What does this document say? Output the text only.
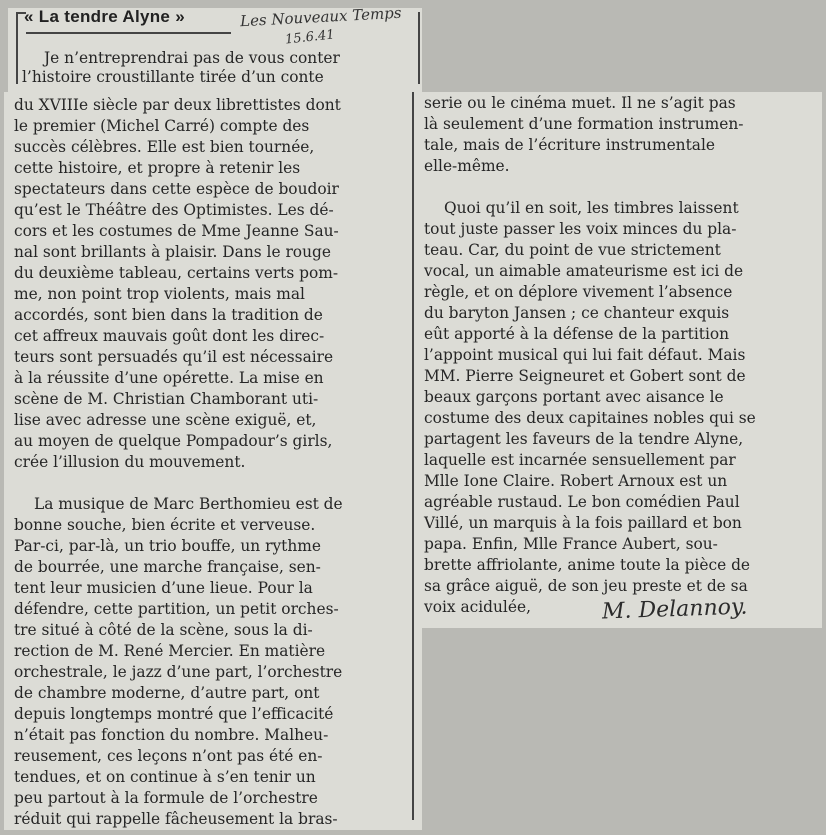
« La tendre Alyne »	Les Nouveaux Temps
15.6.41
Je n’entreprendrai pas de vous conter
l’histoire croustillante tirée d’un conte
du XVIIIe siècle par deux librettistes dont
le premier (Michel Carré) compte des
succès célèbres. Elle est bien tournée,
cette histoire, et propre à retenir les
spectateurs dans cette espèce de boudoir
qu’est le Théâtre des Optimistes. Les dé-
cors et les costumes de Mme Jeanne Sau-
nal sont brillants à plaisir. Dans le rouge
du deuxième tableau, certains verts pom-
me, non point trop violents, mais mal
accordés, sont bien dans la tradition de
cet affreux mauvais goût dont les direc-
teurs sont persuadés qu’il est nécessaire
à la réussite d’une opérette. La mise en
scène de M. Christian Chamborant uti-
lise avec adresse une scène exiguë, et,
au moyen de quelque Pompadour’s girls,
crée l’illusion du mouvement.
La musique de Marc Berthomieu est de
bonne souche, bien écrite et verveuse.
Par-ci, par-là, un trio bouffe, un rythme
de bourrée, une marche française, sen-
tent leur musicien d’une lieue. Pour la
défendre, cette partition, un petit orches-
tre situé à côté de la scène, sous la di-
rection de M. René Mercier. En matière
orchestrale, le jazz d’une part, l’orchestre
de chambre moderne, d’autre part, ont
depuis longtemps montré que l’efficacité
n’était pas fonction du nombre. Malheu-
reusement, ces leçons n’ont pas été en-
tendues, et on continue à s’en tenir un
peu partout à la formule de l’orchestre
réduit qui rappelle fâcheusement la bras-
serie ou le cinéma muet. Il ne s’agit pas
là seulement d’une formation instrumen-
tale, mais de l’écriture instrumentale
elle-même.
Quoi qu’il en soit, les timbres laissent
tout juste passer les voix minces du pla-
teau. Car, du point de vue strictement
vocal, un aimable amateurisme est ici de
règle, et on déplore vivement l’absence
du baryton Jansen ; ce chanteur exquis
eût apporté à la défense de la partition
l’appoint musical qui lui fait défaut. Mais
MM. Pierre Seigneuret et Gobert sont de
beaux garçons portant avec aisance le
costume des deux capitaines nobles qui se
partagent les faveurs de la tendre Alyne,
laquelle est incarnée sensuellement par
Mlle Ione Claire. Robert Arnoux est un
agréable rustaud. Le bon comédien Paul
Villé, un marquis à la fois paillard et bon
papa. Enfin, Mlle France Aubert, sou-
brette affriolante, anime toute la pièce de
sa grâce aiguë, de son jeu preste et de sa
voix acidulée,	M. Delannoy.
